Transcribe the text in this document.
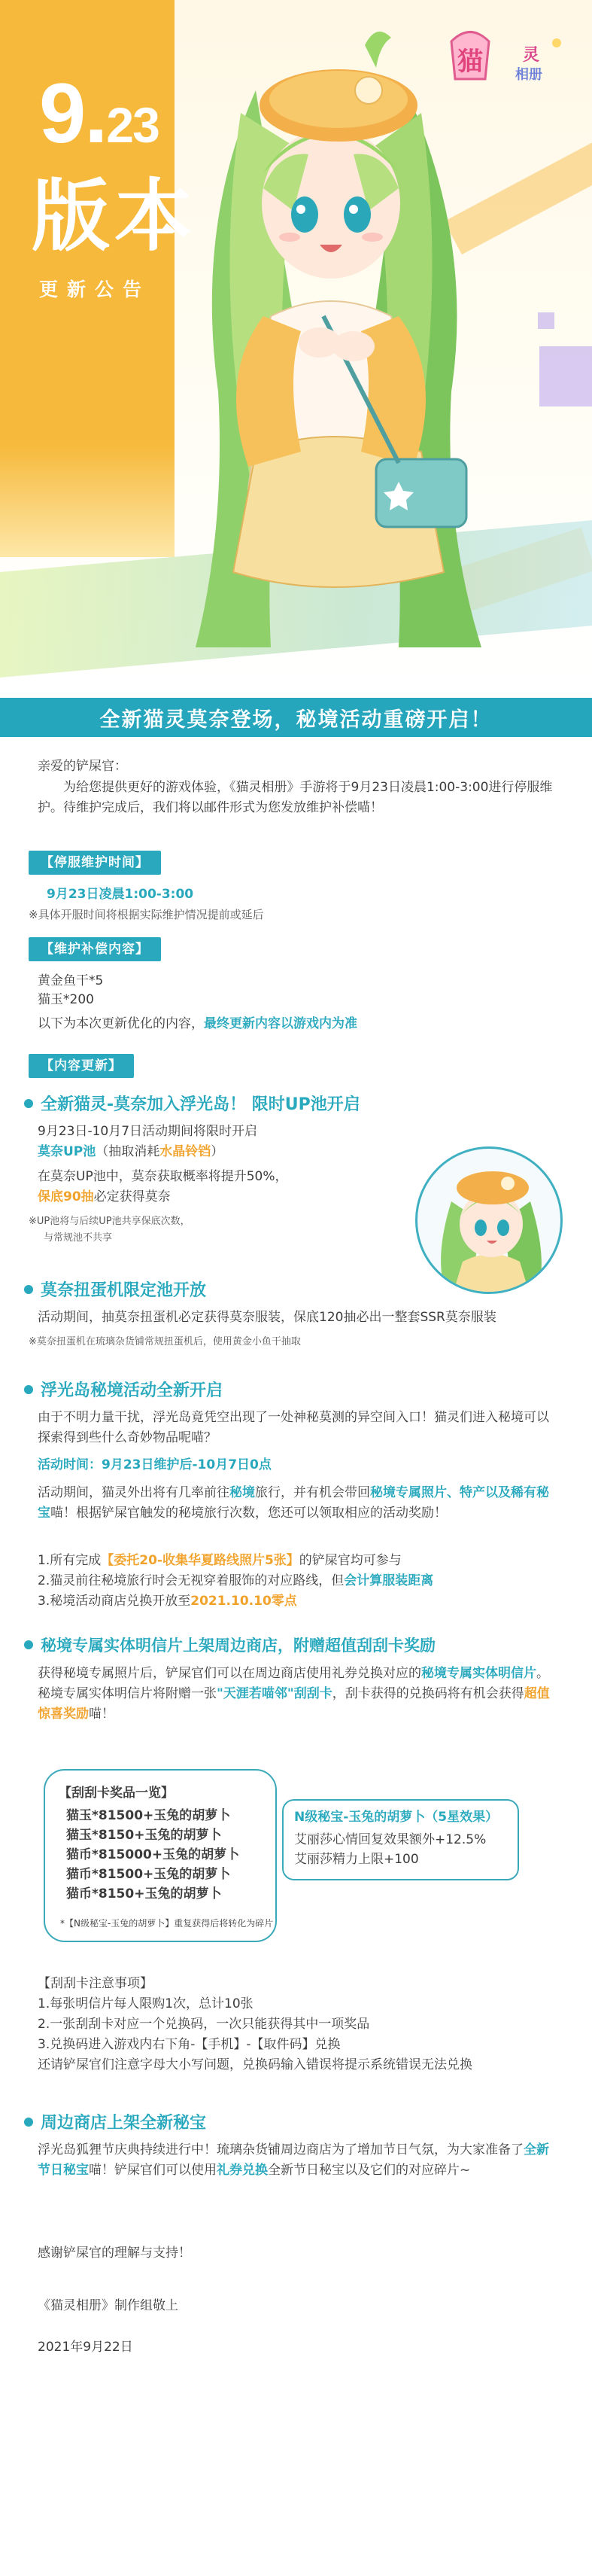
9.23
版本
更新公告
猫 灵
相册
全新猫灵莫奈登场，秘境活动重磅开启！
亲爱的铲屎官：
为给您提供更好的游戏体验，《猫灵相册》手游将于9月23日凌晨1:00-3:00进行停服维护。待维护完成后，我们将以邮件形式为您发放维护补偿喵！
【停服维护时间】
9月23日凌晨1:00-3:00
※具体开服时间将根据实际维护情况提前或延后
【维护补偿内容】
黄金鱼干*5
猫玉*200
以下为本次更新优化的内容，最终更新内容以游戏内为准
【内容更新】
全新猫灵-莫奈加入浮光岛！ 限时UP池开启
9月23日-10月7日活动期间将限时开启
莫奈UP池（抽取消耗水晶铃铛）
在莫奈UP池中，莫奈获取概率将提升50%，
保底90抽必定获得莫奈
※UP池将与后续UP池共享保底次数，
与常规池不共享
莫奈扭蛋机限定池开放
活动期间，抽莫奈扭蛋机必定获得莫奈服装，保底120抽必出一整套SSR莫奈服装
※莫奈扭蛋机在琉璃杂货铺常规扭蛋机后，使用黄金小鱼干抽取
浮光岛秘境活动全新开启
由于不明力量干扰，浮光岛竟凭空出现了一处神秘莫测的异空间入口！猫灵们进入秘境可以探索得到些什么奇妙物品呢喵？
活动时间：9月23日维护后-10月7日0点
活动期间，猫灵外出将有几率前往秘境旅行，并有机会带回秘境专属照片、特产以及稀有秘宝喵！根据铲屎官触发的秘境旅行次数，您还可以领取相应的活动奖励！
1.所有完成【委托20-收集华夏路线照片5张】的铲屎官均可参与
2.猫灵前往秘境旅行时会无视穿着服饰的对应路线，但会计算服装距离
3.秘境活动商店兑换开放至2021.10.10零点
秘境专属实体明信片上架周边商店，附赠超值刮刮卡奖励
获得秘境专属照片后，铲屎官们可以在周边商店使用礼券兑换对应的秘境专属实体明信片。秘境专属实体明信片将附赠一张"天涯若喵邻"刮刮卡，刮卡获得的兑换码将有机会获得超值惊喜奖励喵！
【刮刮卡奖品一览】
猫玉*81500+玉兔的胡萝卜
猫玉*8150+玉兔的胡萝卜
猫币*815000+玉兔的胡萝卜
猫币*81500+玉兔的胡萝卜
猫币*8150+玉兔的胡萝卜
*【N级秘宝-玉兔的胡萝卜】重复获得后将转化为碎片
N级秘宝-玉兔的胡萝卜（5星效果）
艾丽莎心情回复效果额外+12.5%
艾丽莎精力上限+100
【刮刮卡注意事项】
1.每张明信片每人限购1次，总计10张
2.一张刮刮卡对应一个兑换码，一次只能获得其中一项奖品
3.兑换码进入游戏内右下角-【手机】-【取件码】兑换
还请铲屎官们注意字母大小写问题，兑换码输入错误将提示系统错误无法兑换
周边商店上架全新秘宝
浮光岛狐狸节庆典持续进行中！琉璃杂货铺周边商店为了增加节日气氛，为大家准备了全新节日秘宝喵！铲屎官们可以使用礼券兑换全新节日秘宝以及它们的对应碎片~
感谢铲屎官的理解与支持！
《猫灵相册》制作组敬上
2021年9月22日
